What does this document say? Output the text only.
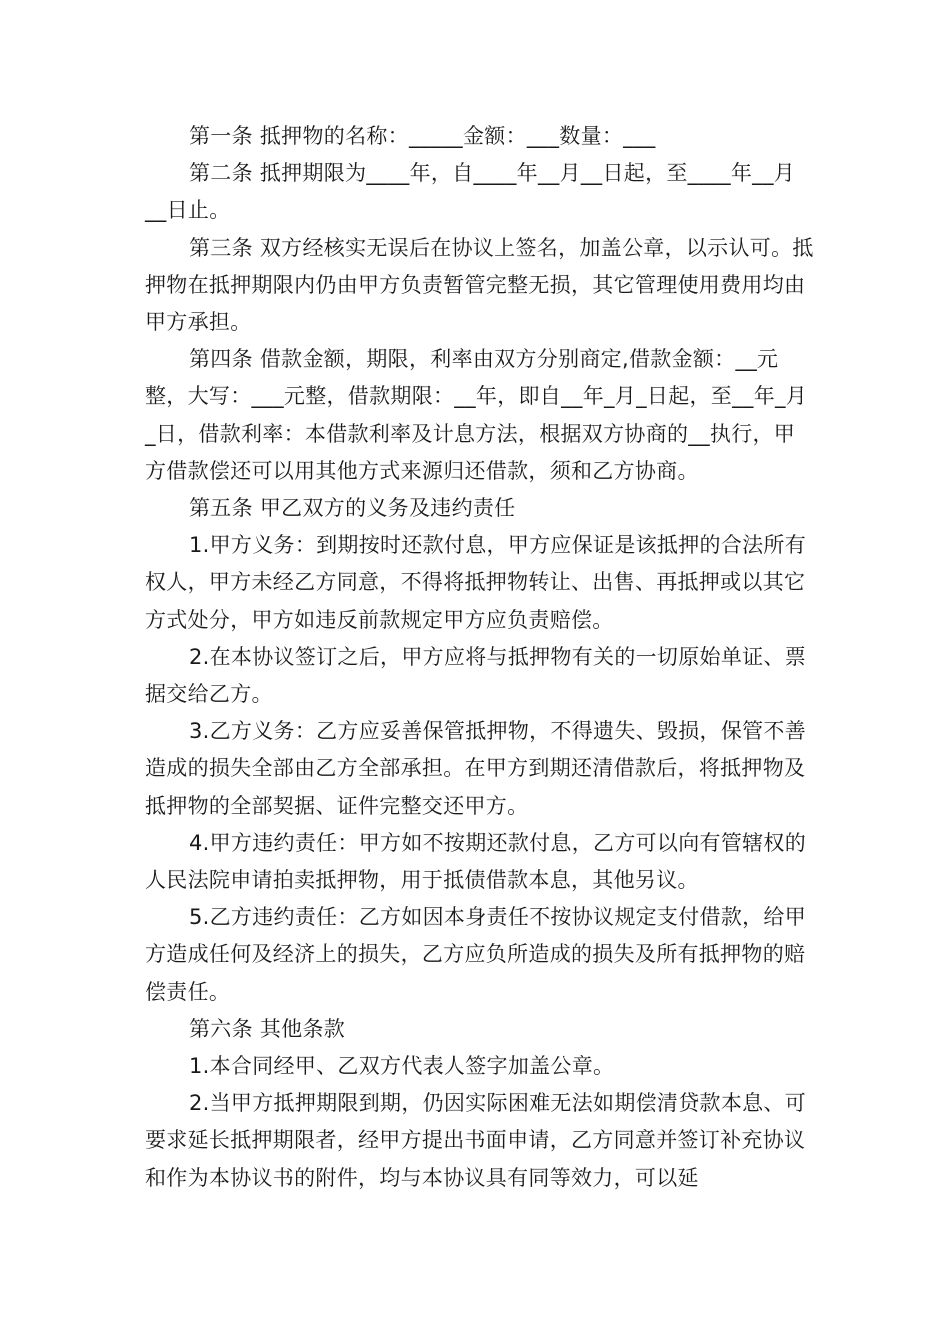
第一条 抵押物的名称：_____金额：___数量：___

第二条 抵押期限为____年，自____年__月__日起，至____年__月__日止。

第三条 双方经核实无误后在协议上签名，加盖公章，以示认可。抵押物在抵押期限内仍由甲方负责暂管完整无损，其它管理使用费用均由甲方承担。

第四条 借款金额，期限，利率由双方分别商定,借款金额：__元整，大写：___元整，借款期限：__年，即自__年_月_日起，至__年_月_日，借款利率：本借款利率及计息方法，根据双方协商的__执行，甲方借款偿还可以用其他方式来源归还借款，须和乙方协商。

第五条 甲乙双方的义务及违约责任

1.甲方义务：到期按时还款付息，甲方应保证是该抵押的合法所有权人，甲方未经乙方同意，不得将抵押物转让、出售、再抵押或以其它方式处分，甲方如违反前款规定甲方应负责赔偿。

2.在本协议签订之后，甲方应将与抵押物有关的一切原始单证、票据交给乙方。

3.乙方义务：乙方应妥善保管抵押物，不得遗失、毁损，保管不善造成的损失全部由乙方全部承担。在甲方到期还清借款后，将抵押物及抵押物的全部契据、证件完整交还甲方。

4.甲方违约责任：甲方如不按期还款付息，乙方可以向有管辖权的人民法院申请拍卖抵押物，用于抵债借款本息，其他另议。

5.乙方违约责任：乙方如因本身责任不按协议规定支付借款，给甲方造成任何及经济上的损失，乙方应负所造成的损失及所有抵押物的赔偿责任。

第六条 其他条款

1.本合同经甲、乙双方代表人签字加盖公章。

2.当甲方抵押期限到期，仍因实际困难无法如期偿清贷款本息、可要求延长抵押期限者，经甲方提出书面申请，乙方同意并签订补充协议和作为本协议书的附件，均与本协议具有同等效力，可以延
